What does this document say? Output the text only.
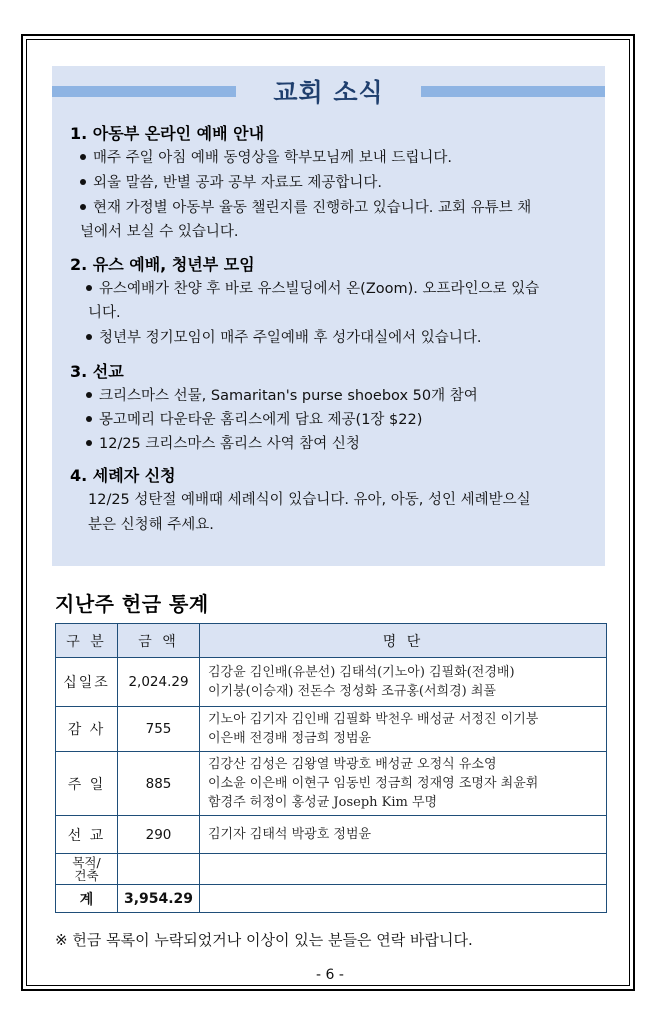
교회 소식
1. 아동부 온라인 예배 안내
매주 주일 아침 예배 동영상을 학부모님께 보내 드립니다.
외울 말씀, 반별 공과 공부 자료도 제공합니다.
현재 가정별 아동부 율동 챌린지를 진행하고 있습니다. 교회 유튜브 채
널에서 보실 수 있습니다.
2. 유스 예배, 청년부 모임
유스예배가 찬양 후 바로 유스빌딩에서 온(Zoom). 오프라인으로 있습
니다.
청년부 정기모임이 매주 주일예배 후 성가대실에서 있습니다.
3. 선교
크리스마스 선물, Samaritan's purse shoebox 50개 참여
몽고메리 다운타운 홈리스에게 담요 제공(1장 $22)
12/25 크리스마스 홈리스 사역 참여 신청
4. 세례자 신청
12/25 성탄절 예배때 세례식이 있습니다. 유아, 아동, 성인 세례받으실
분은 신청해 주세요.
지난주 헌금 통계
구 분	금 액	명 단
십일조	2,024.29	김강윤 김인배(유분선) 김태석(기노아) 김필화(전경배)
이기붕(이승재) 전돈수 정성화 조규홍(서희경) 최풀

감 사	755	기노아 김기자 김인배 김필화 박천우 배성균 서정진 이기붕
이은배 전경배 정금희 정범윤

주 일	885	김강산 김성은 김왕열 박광호 배성균 오정식 유소영
이소윤 이은배 이현구 임동빈 정금희 정재영 조명자 최윤휘
함경주 허정이 홍성균 Joseph Kim 무명

선 교	290	김기자 김태석 박광호 정범윤

목적/
건축		

계	3,954.29	
※ 헌금 목록이 누락되었거나 이상이 있는 분들은 연락 바랍니다.
- 6 -
